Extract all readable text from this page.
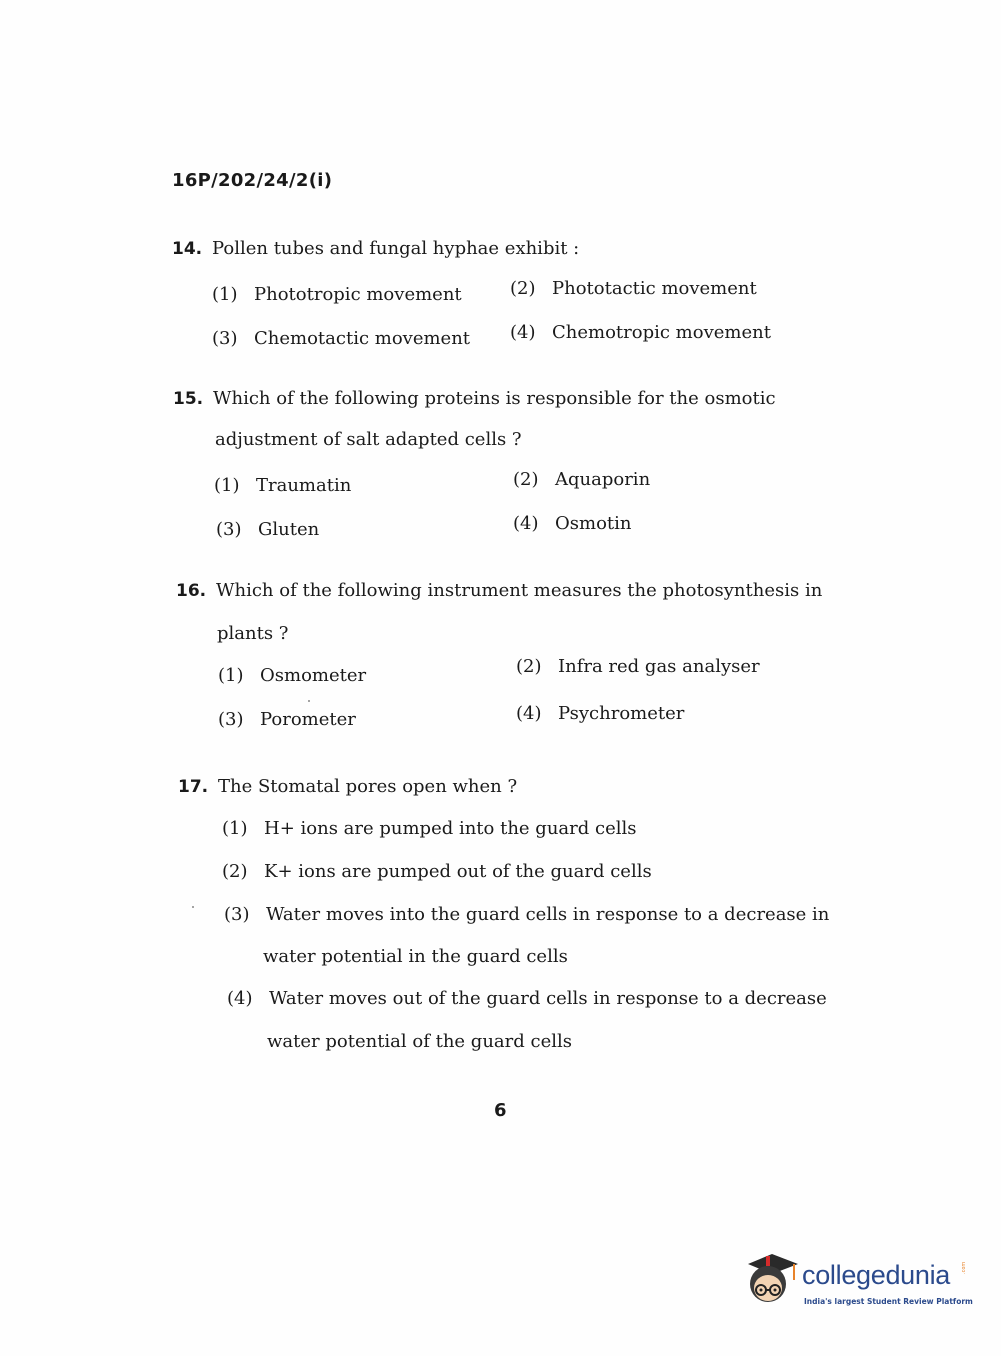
16P/202/24/2(i)
14. Pollen tubes and fungal hyphae exhibit :
(1) Phototropic movement	(2) Phototactic movement
(3) Chemotactic movement (4) Chemotropic movement
15. Which of the following proteins is responsible for the osmotic
adjustment of salt adapted cells ?
(1) Traumatin	(2) Aquaporin
(3) Gluten	(4) Osmotin
16. Which of the following instrument measures the photosynthesis in
plants ?
(1) Osmometer	(2) Infra red gas analyser
(3) Porometer	(4) Psychrometer
17. The Stomatal pores open when ?
(1) H+ ions are pumped into the guard cells
(2) K+ ions are pumped out of the guard cells
(3) Water moves into the guard cells in response to a decrease in
water potential in the guard cells
(4) Water moves out of the guard cells in response to a decrease
water potential of the guard cells
6
collegedunia .com
India's largest Student Review Platform
